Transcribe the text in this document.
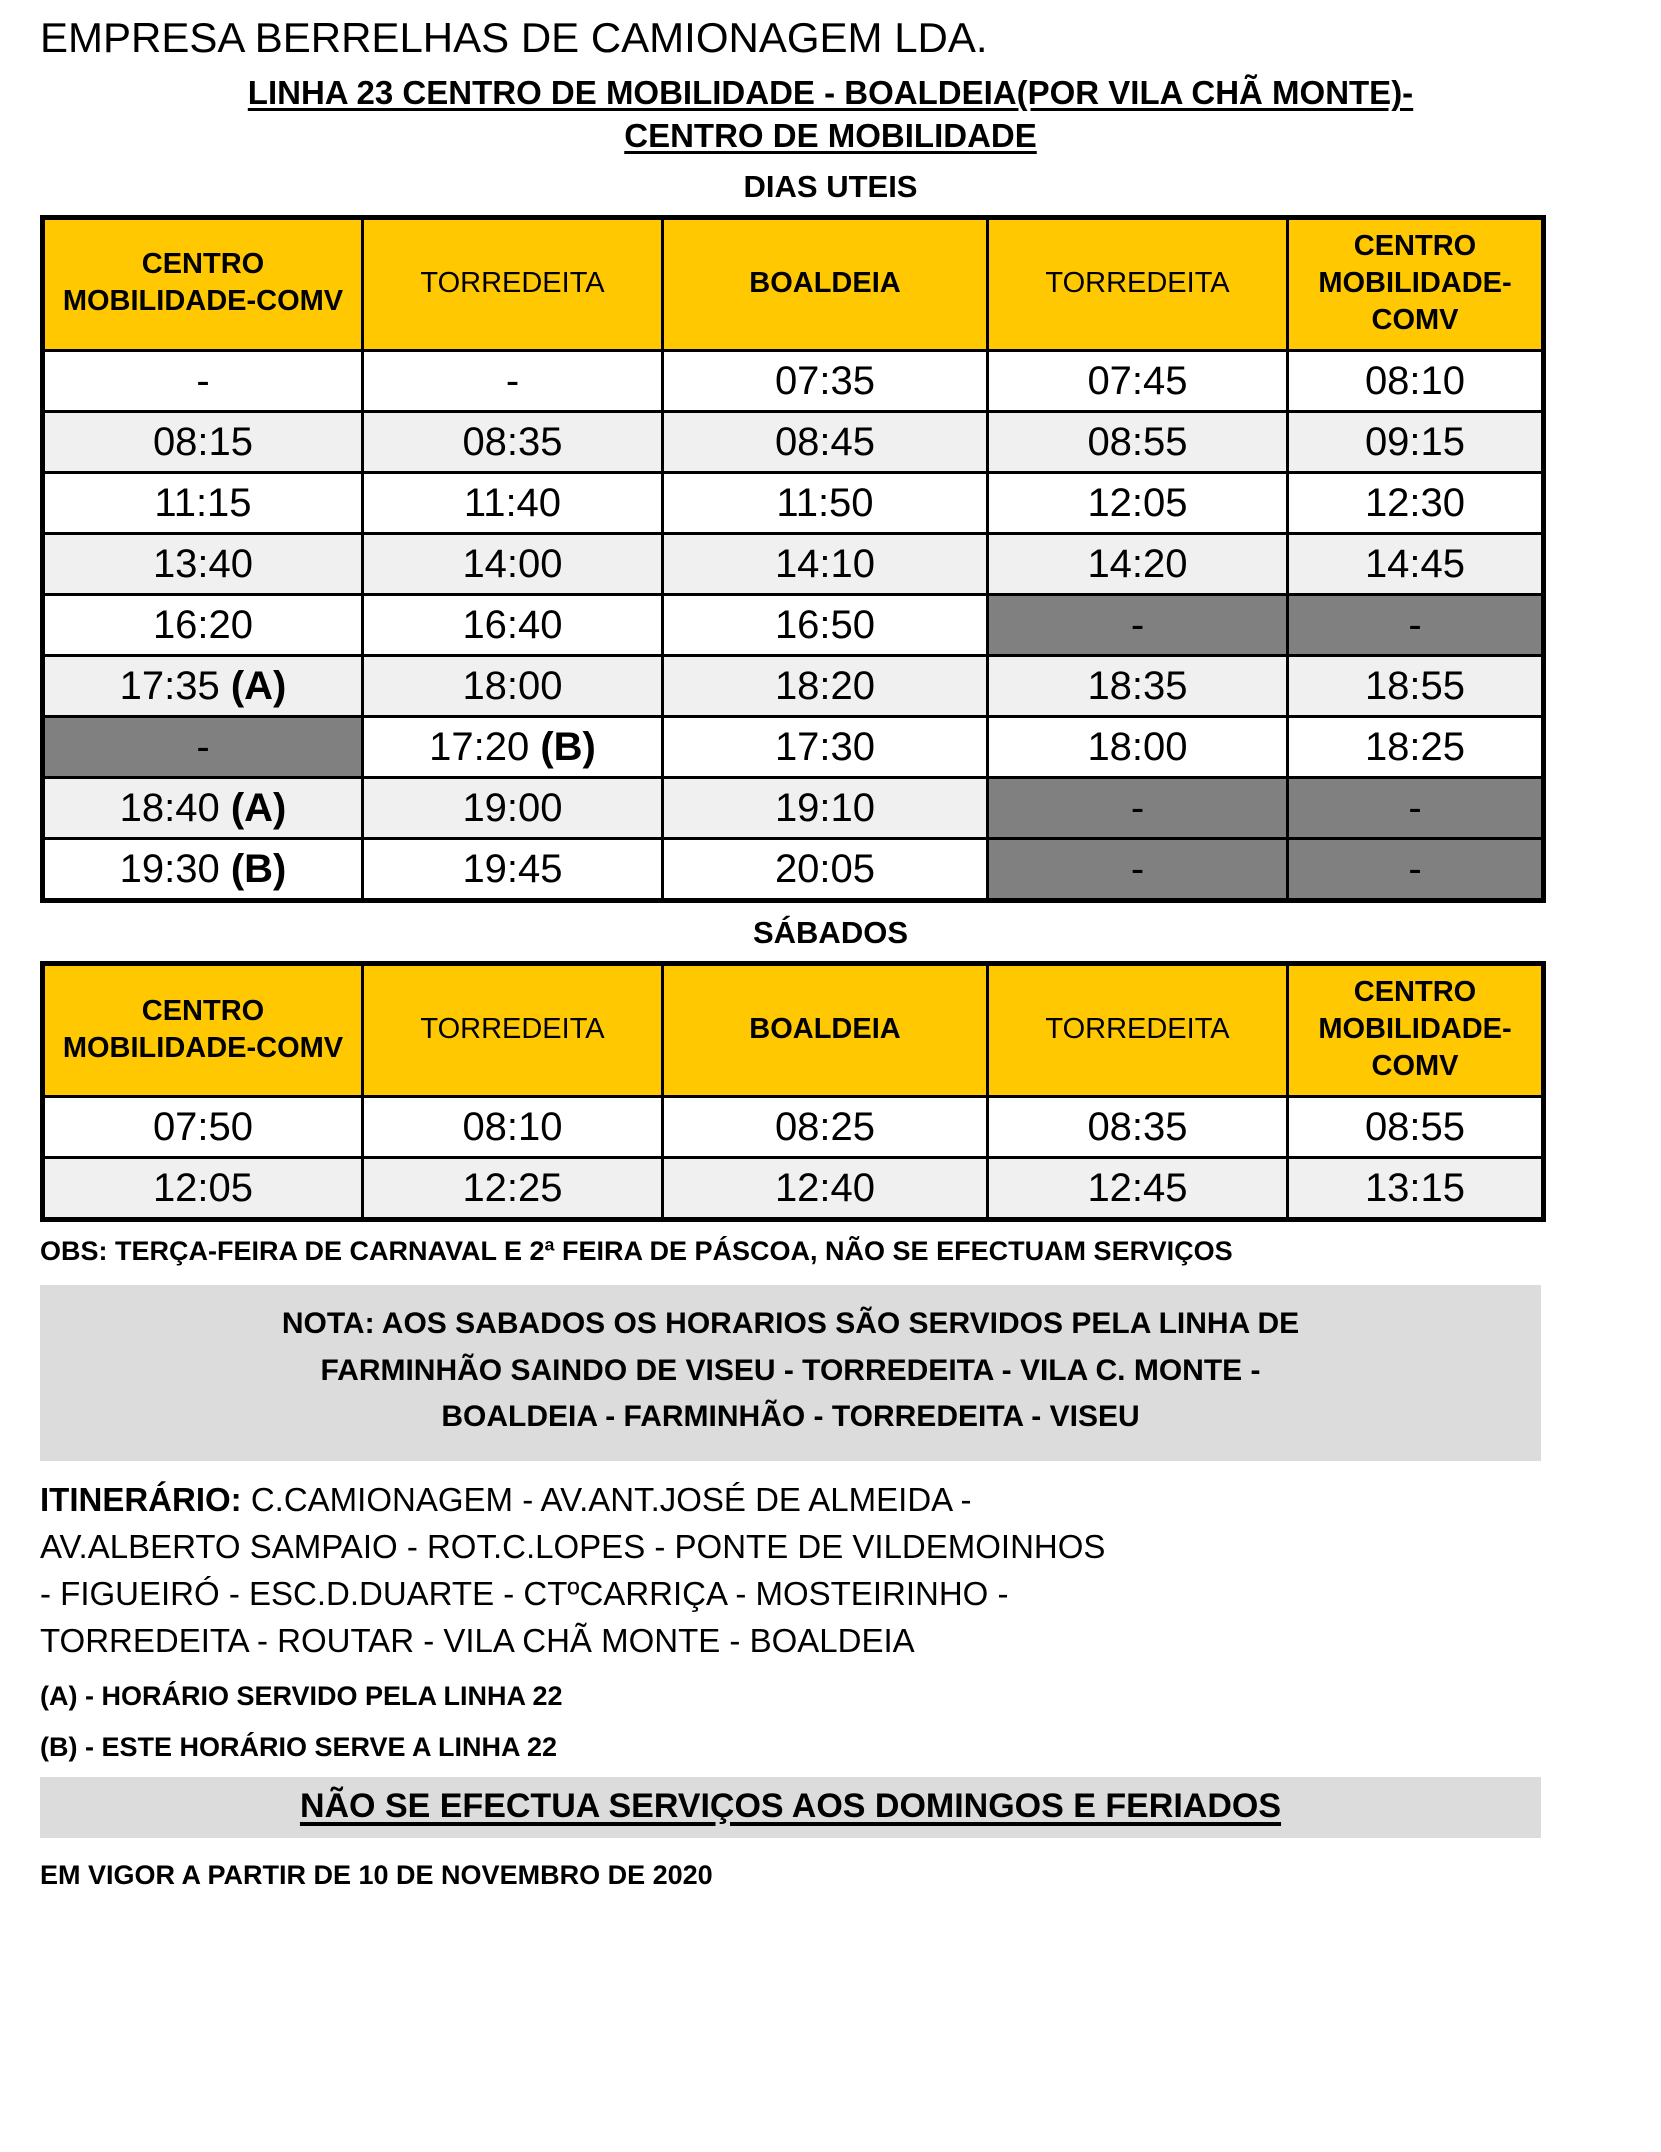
EMPRESA BERRELHAS DE CAMIONAGEM LDA.
LINHA 23 CENTRO DE MOBILIDADE - BOALDEIA(POR VILA CHÃ MONTE)-
CENTRO DE MOBILIDADE
DIAS UTEIS
CENTRO MOBILIDADE-COMV	TORREDEITA	BOALDEIA	TORREDEITA	CENTRO MOBILIDADE-COMV
-	-	07:35	07:45	08:10
08:15	08:35	08:45	08:55	09:15
11:15	11:40	11:50	12:05	12:30
13:40	14:00	14:10	14:20	14:45
16:20	16:40	16:50	-	-
17:35 (A)	18:00	18:20	18:35	18:55
-	17:20 (B)	17:30	18:00	18:25
18:40 (A)	19:00	19:10	-	-
19:30 (B)	19:45	20:05	-	-
SÁBADOS
CENTRO MOBILIDADE-COMV	TORREDEITA	BOALDEIA	TORREDEITA	CENTRO MOBILIDADE-COMV
07:50	08:10	08:25	08:35	08:55
12:05	12:25	12:40	12:45	13:15
OBS: TERÇA-FEIRA DE CARNAVAL E 2ª FEIRA DE PÁSCOA, NÃO SE EFECTUAM SERVIÇOS
NOTA: AOS SABADOS OS HORARIOS SÃO SERVIDOS PELA LINHA DE
FARMINHÃO SAINDO DE VISEU - TORREDEITA - VILA C. MONTE -
BOALDEIA - FARMINHÃO - TORREDEITA - VISEU
ITINERÁRIO: C.CAMIONAGEM - AV.ANT.JOSÉ DE ALMEIDA -
AV.ALBERTO SAMPAIO - ROT.C.LOPES - PONTE DE VILDEMOINHOS
- FIGUEIRÓ - ESC.D.DUARTE - CTºCARRIÇA - MOSTEIRINHO -
TORREDEITA - ROUTAR - VILA CHÃ MONTE - BOALDEIA
(A) - HORÁRIO SERVIDO PELA LINHA 22
(B) - ESTE HORÁRIO SERVE A LINHA 22
NÃO SE EFECTUA SERVIÇOS AOS DOMINGOS E FERIADOS
EM VIGOR A PARTIR DE 10 DE NOVEMBRO DE 2020
